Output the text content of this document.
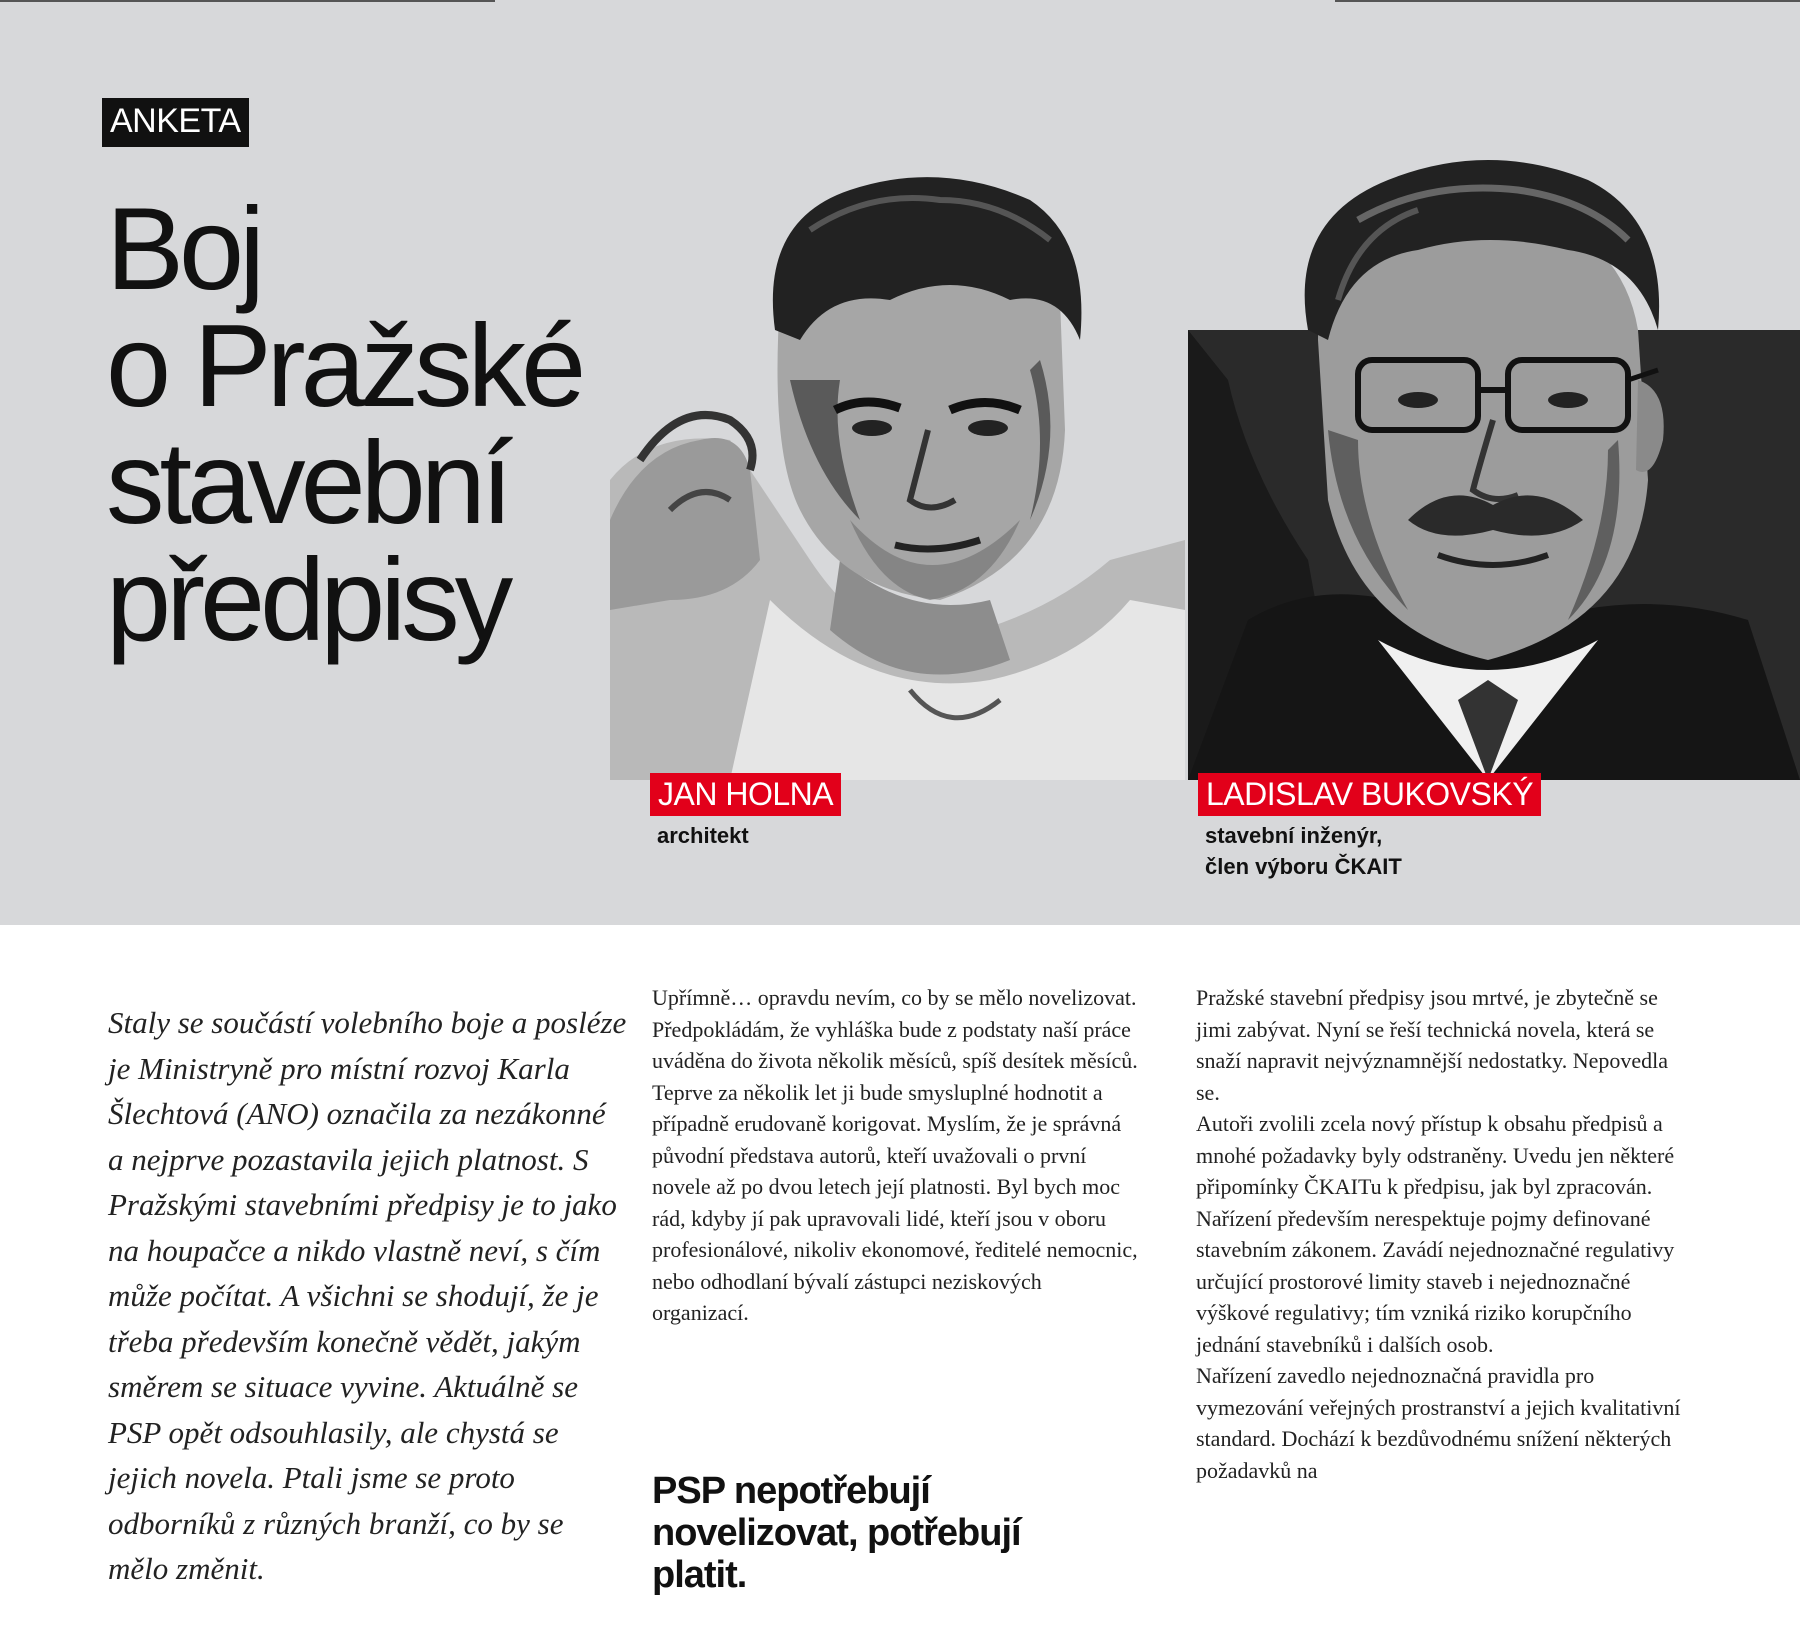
ANKETA
Boj
o Pražské
stavební
předpisy
JAN HOLNA
architekt
LADISLAV BUKOVSKÝ
stavební inženýr,
člen výboru ČKAIT
Staly se součástí volebního boje a posléze je Ministryně pro místní rozvoj Karla Šlechtová (ANO) označila za nezákonné a nejprve pozastavila jejich platnost. S Pražskými stavebními předpisy je to jako na houpačce a nikdo vlastně neví, s čím může počítat. A všichni se shodují, že je třeba především konečně vědět, jakým směrem se situace vyvine. Aktuálně se PSP opět odsouhlasily, ale chystá se jejich novela. Ptali jsme se proto odborníků z různých branží, co by se mělo změnit.
Upřímně… opravdu nevím, co by se mělo novelizovat. Předpokládám, že vyhláška bude z podstaty naší práce uváděna do života několik měsíců, spíš desítek měsíců. Teprve za několik let ji bude smysluplné hodnotit a případně erudovaně korigovat. Myslím, že je správná původní představa autorů, kteří uvažovali o první novele až po dvou letech její platnosti. Byl bych moc rád, kdyby jí pak upravovali lidé, kteří jsou v oboru profesionálové, nikoliv ekonomové, ředitelé nemocnic, nebo odhodlaní bývalí zástupci neziskových organizací.
PSP nepotřebují novelizovat, potřebují platit.
Pražské stavební předpisy jsou mrtvé, je zbytečně se jimi zabývat. Nyní se řeší technická novela, která se snaží napravit nejvýznamnější nedostatky. Nepovedla se.
Autoři zvolili zcela nový přístup k obsahu předpisů a mnohé požadavky byly odstraněny. Uvedu jen některé připomínky ČKAITu k předpisu, jak byl zpracován. Nařízení především nerespektuje pojmy definované stavebním zákonem. Zavádí nejednoznačné regulativy určující prostorové limity staveb i nejednoznačné výškové regulativy; tím vzniká riziko korupčního jednání stavebníků i dalších osob.
Nařízení zavedlo nejednoznačná pravidla pro vymezování veřejných prostranství a jejich kvalitativní standard. Dochází k bezdůvodnému snížení některých požadavků na
